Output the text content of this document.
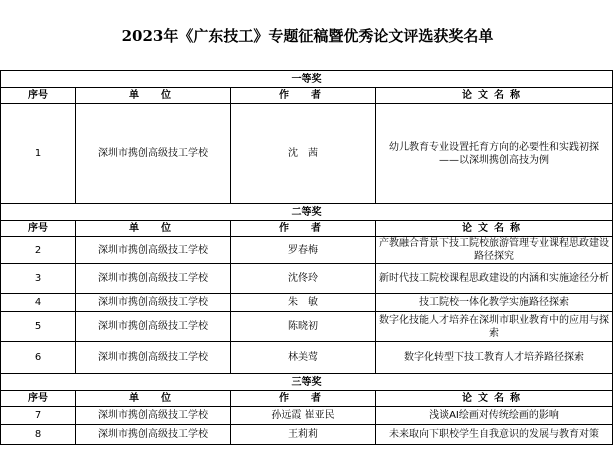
2023年《广东技工》专题征稿暨优秀论文评选获奖名单
一等奖			
序号	单　位	作　者	论文名称
1	深圳市携创高级技工学校	沈　茜	幼儿教育专业设置托育方向的必要性和实践初探
——以深圳携创高技为例

二等奖			
序号	单　位	作　者	论文名称
2	深圳市携创高级技工学校	罗春梅	产教融合背景下技工院校旅游管理专业课程思政建设路径探究
3	深圳市携创高级技工学校	沈佟玲	新时代技工院校课程思政建设的内涵和实施途径分析
4	深圳市携创高级技工学校	朱　敏	技工院校一体化教学实施路径探索
5	深圳市携创高级技工学校	陈晓初	数字化技能人才培养在深圳市职业教育中的应用与探索
6	深圳市携创高级技工学校	林美莺	数字化转型下技工教育人才培养路径探索
三等奖			
序号	单　位	作　者	论文名称
7	深圳市携创高级技工学校	孙远霞 崔亚民	浅谈AI绘画对传统绘画的影响
8	深圳市携创高级技工学校	王莉莉	未来取向下职校学生自我意识的发展与教育对策
